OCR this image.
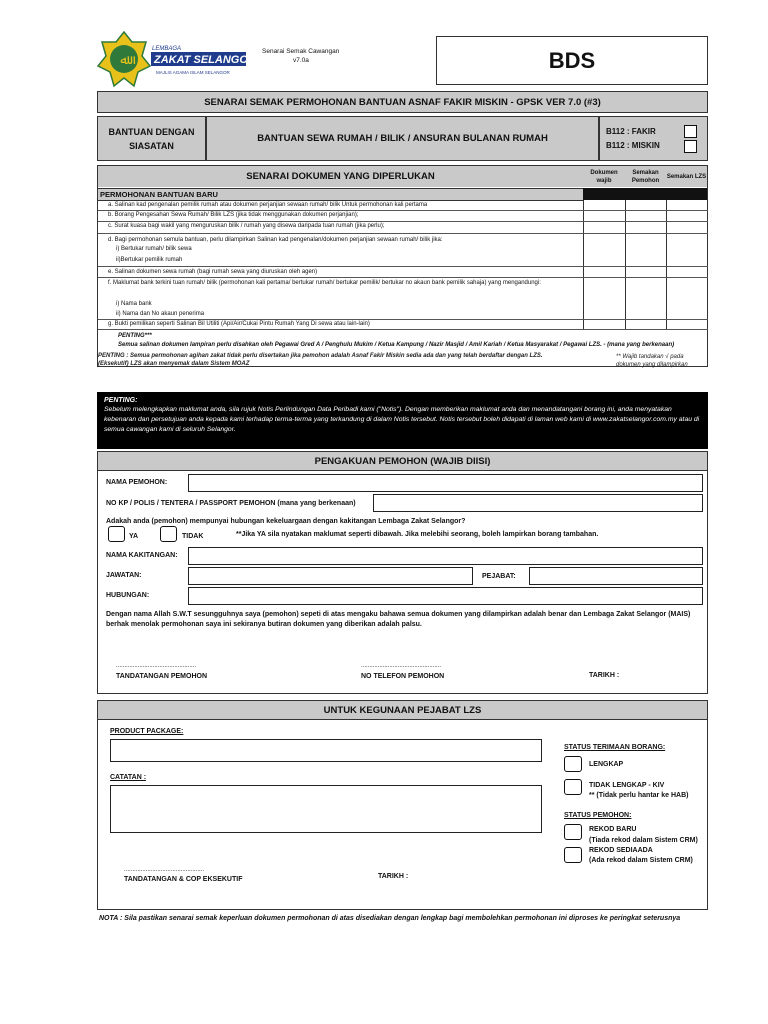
ﷲ
LEMBAGA
ZAKAT SELANGOR
MAJLIS AGAMA ISLAM SELANGOR
Senarai Semak Cawangan
v7.0a	BDS
SENARAI SEMAK PERMOHONAN BANTUAN ASNAF FAKIR MISKIN - GPSK VER 7.0 (#3)
BANTUAN DENGAN SIASATAN
BANTUAN SEWA RUMAH / BILIK / ANSURAN BULANAN RUMAH
B112 : FAKIR
B112 : MISKIN
SENARAI DOKUMEN YANG DIPERLUKAN	Dokumen wajib
Semakan Pemohon
Semakan LZS
PERMOHONAN BANTUAN BARU
a. Salinan kad pengenalan pemilik rumah atau dokumen perjanjian sewaan rumah/ bilik Untuk permohonan kali pertama
b. Borang Pengesahan Sewa Rumah/ Bilik LZS (jika tidak menggunakan dokumen perjanjian);
c. Surat kuasa bagi wakil yang menguruskan bilik / rumah yang disewa daripada tuan rumah (jika perlu);
d. Bagi permohonan semula bantuan, perlu dilampirkan Salinan kad pengenalan/dokumen perjanjian sewaan rumah/ bilik jika:
i) Bertukar rumah/ bilik sewa
ii)Bertukar pemilik rumah
e. Salinan dokumen sewa rumah (bagi rumah sewa yang diuruskan oleh agen)
f. Maklumat bank terkini tuan rumah/ bilik (permohonan kali pertama/ bertukar rumah/ bertukar pemilik/ bertukar no akaun bank pemilik sahaja) yang mengandungi:
i) Nama bank
ii) Nama dan No akaun penerima
g. Bukti pemilikan seperti Salinan Bil Utiliti (Api/Air/Cukai Pintu Rumah Yang Di sewa atau lain-lain)
PENTING***
Semua salinan dokumen lampiran perlu disahkan oleh Pegawai Gred A / Penghulu Mukim / Ketua Kampung / Nazir Masjid / Amil Kariah / Ketua Masyarakat / Pegawai LZS. - (mana yang berkenaan)
PENTING : Semua permohonan agihan zakat tidak perlu disertakan jika pemohon adalah Asnaf Fakir Miskin sedia ada dan yang telah berdaftar dengan LZS. (Eksekutif) LZS akan menyemak dalam Sistem MOAZ
** Wajib tandakan √ pada dokumen yang dilampirkan
PENTING:
Sebelum melengkapkan maklumat anda, sila rujuk Notis Perlindungan Data Peribadi kami ("Notis"). Dengan memberikan maklumat anda dan menandatangani borang ini, anda menyatakan kebenaran dan persetujuan anda kepada kami terhadap terma-terma yang terkandung di dalam Notis tersebut. Notis tersebut boleh didapati di laman web kami di www.zakatselangor.com.my atau di semua cawangan kami di seluruh Selangor.
PENGAKUAN PEMOHON (WAJIB DIISI)
NAMA PEMOHON:
NO KP / POLIS / TENTERA / PASSPORT PEMOHON (mana yang berkenaan)
Adakah anda (pemohon) mempunyai hubungan kekeluargaan dengan kakitangan Lembaga Zakat Selangor?
YA	TIDAK	**Jika YA sila nyatakan maklumat seperti dibawah. Jika melebihi seorang, boleh lampirkan borang tambahan.
NAMA KAKITANGAN:
JAWATAN:	PEJABAT:
HUBUNGAN:
Dengan nama Allah S.W.T sesungguhnya saya (pemohon) sepeti di atas mengaku bahawa semua dokumen yang dilampirkan adalah benar dan Lembaga Zakat Selangor (MAIS) berhak menolak permohonan saya ini sekiranya butiran dokumen yang diberikan adalah palsu.
................................................	................................................
TANDATANGAN PEMOHON	NO TELEFON PEMOHON	TARIKH :
UNTUK KEGUNAAN PEJABAT LZS
PRODUCT PACKAGE:
CATATAN :
................................................
TANDATANGAN & COP EKSEKUTIF	TARIKH :
STATUS TERIMAAN BORANG:
LENGKAP
TIDAK LENGKAP - KIV
** (Tidak perlu hantar ke HAB)
STATUS PEMOHON:
REKOD BARU
(Tiada rekod dalam Sistem CRM)
REKOD SEDIAADA
(Ada rekod dalam Sistem CRM)
NOTA : Sila pastikan senarai semak keperluan dokumen permohonan di atas disediakan dengan lengkap bagi membolehkan permohonan ini diproses ke peringkat seterusnya
